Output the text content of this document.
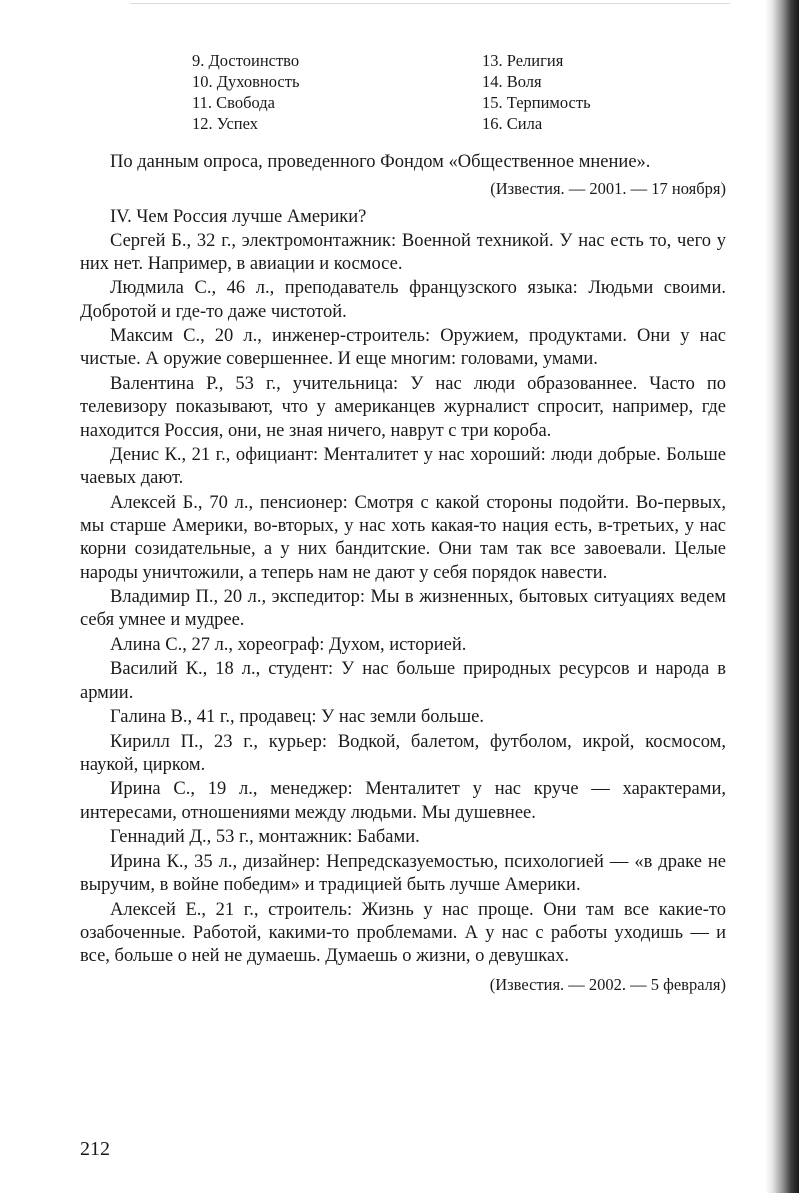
9. Достоинство
10. Духовность
11. Свобода
12. Успех
13. Религия
14. Воля
15. Терпимость
16. Сила

По данным опроса, проведенного Фондом «Общественное мнение».

(Известия. — 2001. — 17 ноября)

IV. Чем Россия лучше Америки?

Сергей Б., 32 г., электромонтажник: Военной техникой. У нас есть то, чего у них нет. Например, в авиации и космосе.

Людмила С., 46 л., преподаватель французского языка: Людьми своими. Добротой и где-то даже чистотой.

Максим С., 20 л., инженер-строитель: Оружием, продуктами. Они у нас чистые. А оружие совершеннее. И еще многим: головами, умами.

Валентина Р., 53 г., учительница: У нас люди образованнее. Часто по телевизору показывают, что у американцев журналист спросит, например, где находится Россия, они, не зная ничего, наврут с три короба.

Денис К., 21 г., официант: Менталитет у нас хороший: люди добрые. Больше чаевых дают.

Алексей Б., 70 л., пенсионер: Смотря с какой стороны подойти. Во-первых, мы старше Америки, во-вторых, у нас хоть какая-то нация есть, в-третьих, у нас корни созидательные, а у них бандитские. Они там так все завоевали. Целые народы уничтожили, а теперь нам не дают у себя порядок навести.

Владимир П., 20 л., экспедитор: Мы в жизненных, бытовых ситуациях ведем себя умнее и мудрее.

Алина С., 27 л., хореограф: Духом, историей.

Василий К., 18 л., студент: У нас больше природных ресурсов и народа в армии.

Галина В., 41 г., продавец: У нас земли больше.

Кирилл П., 23 г., курьер: Водкой, балетом, футболом, икрой, космосом, наукой, цирком.

Ирина С., 19 л., менеджер: Менталитет у нас круче — характерами, интересами, отношениями между людьми. Мы душевнее.

Геннадий Д., 53 г., монтажник: Бабами.

Ирина К., 35 л., дизайнер: Непредсказуемостью, психологией — «в драке не выручим, в войне победим» и традицией быть лучше Америки.

Алексей Е., 21 г., строитель: Жизнь у нас проще. Они там все какие-то озабоченные. Работой, какими-то проблемами. А у нас с работы уходишь — и все, больше о ней не думаешь. Думаешь о жизни, о девушках.

(Известия. — 2002. — 5 февраля)

212
